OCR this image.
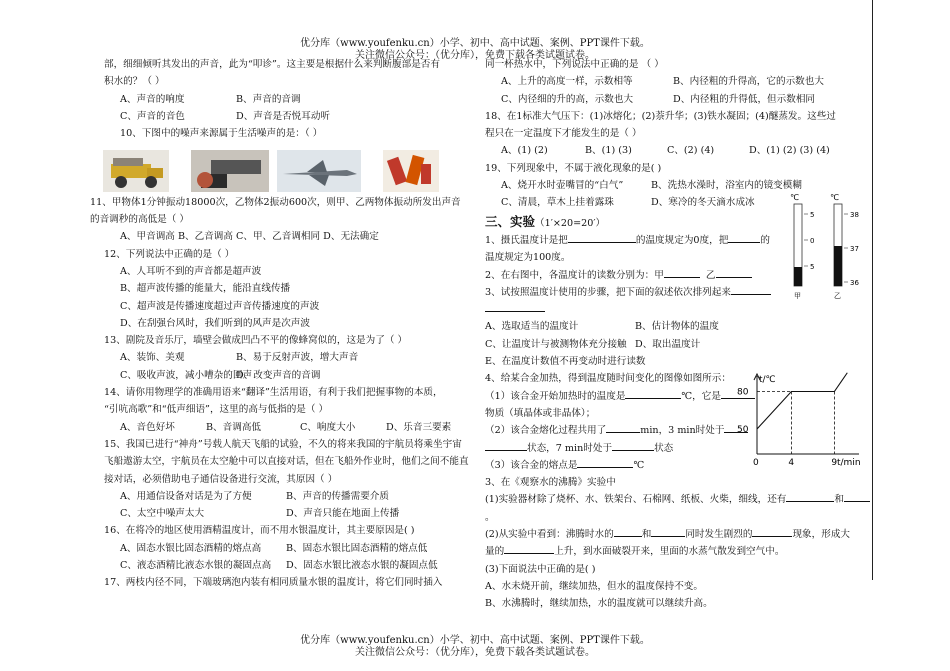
优分库（www.youfenku.cn）小学、初中、高中试题、案例、PPT课件下载。
关注微信公众号：（优分库），免费下载各类试题试卷。

部，细细倾听其发出的声音，此为“叩诊”。这主要是根据什么来判断腹部是否有

积水的？（ ）

A、声音的响度	B、声音的音调

C、声音的音色	D、声音是否悦耳动听

10、下图中的噪声来源属于生活噪声的是：（ ）

11、甲物体1分钟振动18000次，乙物体2振动600次，则甲、乙两物体振动所发出声音

的音调秒的高低是（ ）

A、甲音调高 B、乙音调高 C、甲、乙音调相同 D、无法确定

12、下列说法中正确的是（ ）

A、人耳听不到的声音都是超声波

B、超声波传播的能量大，能沿直线传播

C、超声波是传播速度超过声音传播速度的声波

D、在刮强台风时，我们听到的风声是次声波

13、剧院及音乐厅，墙壁会做成凹凸不平的像蜂窝似的，这是为了（ ）

A、装饰、美观	B、易于反射声波，增大声音

C、吸收声波，减小嘈杂的回声D、改变声音的音调

14、请你用物理学的准确用语来“翻译”生活用语，有利于我们把握事物的本质，

“引吭高歌”和“低声细语”，这里的高与低指的是（ ）

A、音色好坏	B、音调高低	C、响度大小	D、乐音三要素

15、我国已进行“神舟”号载人航天飞船的试验，不久的将来我国的宇航员将乘坐宇宙

飞船遨游太空，宇航员在太空舱中可以直接对话，但在飞船外作业时，他们之间不能直

接对话，必须借助电子通信设备进行交流，其原因（ ）

A、用通信设备对话是为了方便	B、声音的传播需要介质

C、太空中噪声太大	D、声音只能在地面上传播

16、在将冷的地区使用酒精温度计，而不用水银温度计，其主要原因是( )

A、固态水银比固态酒精的熔点高	B、固态水银比固态酒精的熔点低

C、液态酒精比液态水银的凝固点高 D、固态水银比液态水银的凝固点低

17、两枝内径不同，下端玻璃泡内装有相同质量水银的温度计，将它们同时插入

同一杯热水中，下列说法中正确的是 （ ）

A、上升的高度一样，示数相等	B、内径粗的升得高，它的示数也大

C、内径细的升的高，示数也大	D、内径粗的升得低，但示数相同

18、在1标准大气压下：(1)冰熔化；(2)萘升华；(3)铁水凝固；(4)醚蒸发。这些过

程只在一定温度下才能发生的是（ ）

A、(1) (2)	B、(1) (3)	C、(2) (4)	D、(1) (2) (3) (4)

19、下列现象中，不属于液化现象的是( )

A、烧开水时壶嘴冒的“白气”	B、洗热水澡时，浴室内的镜变模糊

C、清晨，草木上挂着露珠	D、寒冷的冬天滴水成冰

三、实验（1′×20=20′）

1、摄氏温度计是把	的温度规定为0度，把	的

温度规定为100度。

2、在右图中，各温度计的读数分别为：甲	乙

3、试按照温度计使用的步骤，把下面的叙述依次排列起来

A、选取适当的温度计	B、估计物体的温度

C、让温度计与被测物体充分接触 D、取出温度计

E、在温度计数值不再变动时进行读数

4、给某合金加热，得到温度随时间变化的图像如图所示：

（1）该合金开始加热时的温度是	℃，它是

物质（填晶体或非晶体）；

（2）该合金熔化过程共用了	min，3 min时处于

状态，7 min时处于	状态

（3）该合金的熔点是	℃

3、在《观察水的沸腾》实验中

(1)实验器材除了烧杯、水、铁架台、石棉网、纸板、火柴，细线，还有	和

。

(2)从实验中看到：沸腾时水的	和	同时发生剧烈的	现象，形成大

量的	上升，到水面破裂开来，里面的水蒸气散发到空气中。

(3)下面说法中正确的是( )

A、水未烧开前，继续加热，但水的温度保持不变。

B、水沸腾时，继续加热，水的温度就可以继续升高。

℃
5
0
5
甲
℃
38
37
36
乙
t/℃
t/min
0	4	9
80
50
优分库（www.youfenku.cn）小学、初中、高中试题、案例、PPT课件下载。
关注微信公众号：（优分库），免费下载各类试题试卷。
